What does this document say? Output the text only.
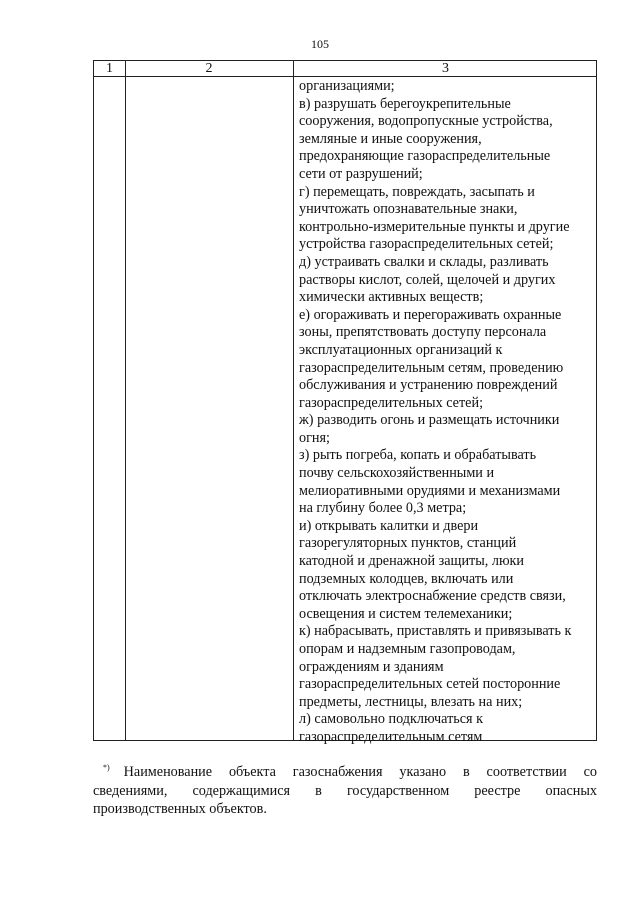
105
1	2	3
организациями;
в) разрушать берегоукрепительные
сооружения, водопропускные устройства,
земляные и иные сооружения,
предохраняющие газораспределительные
сети от разрушений;
г) перемещать, повреждать, засыпать и
уничтожать опознавательные знаки,
контрольно-измерительные пункты и другие
устройства газораспределительных сетей;
д) устраивать свалки и склады, разливать
растворы кислот, солей, щелочей и других
химически активных веществ;
е) огораживать и перегораживать охранные
зоны, препятствовать доступу персонала
эксплуатационных организаций к
газораспределительным сетям, проведению
обслуживания и устранению повреждений
газораспределительных сетей;
ж) разводить огонь и размещать источники
огня;
з) рыть погреба, копать и обрабатывать
почву сельскохозяйственными и
мелиоративными орудиями и механизмами
на глубину более 0,3 метра;
и) открывать калитки и двери
газорегуляторных пунктов, станций
катодной и дренажной защиты, люки
подземных колодцев, включать или
отключать электроснабжение средств связи,
освещения и систем телемеханики;
к) набрасывать, приставлять и привязывать к
опорам и надземным газопроводам,
ограждениям и зданиям
газораспределительных сетей посторонние
предметы, лестницы, влезать на них;
л) самовольно подключаться к
газораспределительным сетям
*) Наименование объекта газоснабжения указано в соответствии со
сведениями, содержащимися в государственном реестре опасных
производственных объектов.
